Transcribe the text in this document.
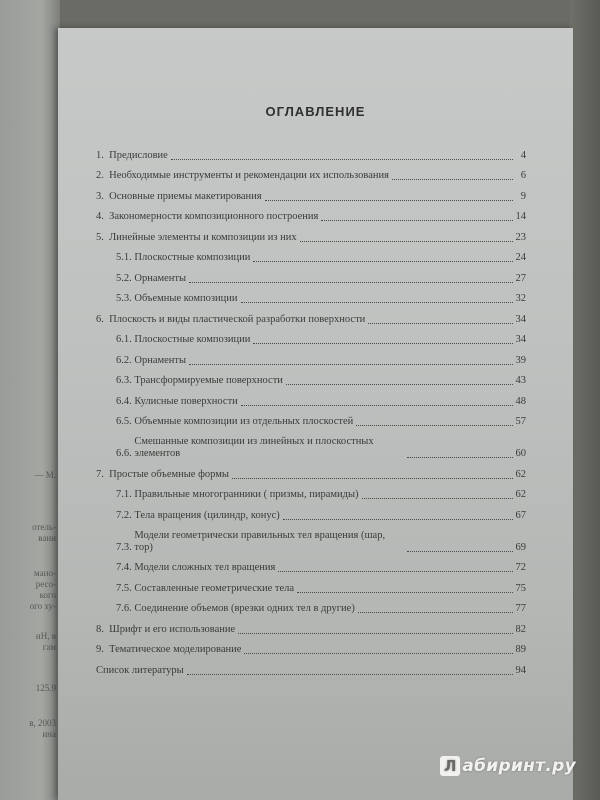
— М.
отель-
вани
мано-
ресо-
кого
ого ху-
нН, в
гам
125.9
в, 2003
ина
ОГЛАВЛЕНИЕ
1. Предисловие	4
2. Необходимые инструменты и рекомендации их использования	6
3. Основные приемы макетирования	9
4. Закономерности композиционного построения	14
5. Линейные элементы и композиции из них	23
5.1. Плоскостные композиции	24
5.2. Орнаменты	27
5.3. Объемные композиции	32
6. Плоскость и виды пластической разработки поверхности	34
6.1. Плоскостные композиции	34
6.2. Орнаменты	39
6.3. Трансформируемые поверхности	43
6.4. Кулисные поверхности	48
6.5. Объемные композиции из отдельных плоскостей	57
6.6.
Смешанные композиции из линейных и плоскостных элементов	60
7. Простые объемные формы	62
7.1. Правильные многогранники ( призмы, пирамиды)	62
7.2. Тела вращения (цилиндр, конус)	67
7.3.
Модели геометрически правильных тел вращения (шар, тор)	69
7.4. Модели сложных тел вращения	72
7.5. Составленные геометрические тела	75
7.6. Соединение объемов (врезки одних тел в другие)	77
8. Шрифт и его использование	82
9. Тематическое моделирование	89
Список литературы	94
Л абиринт.ру
